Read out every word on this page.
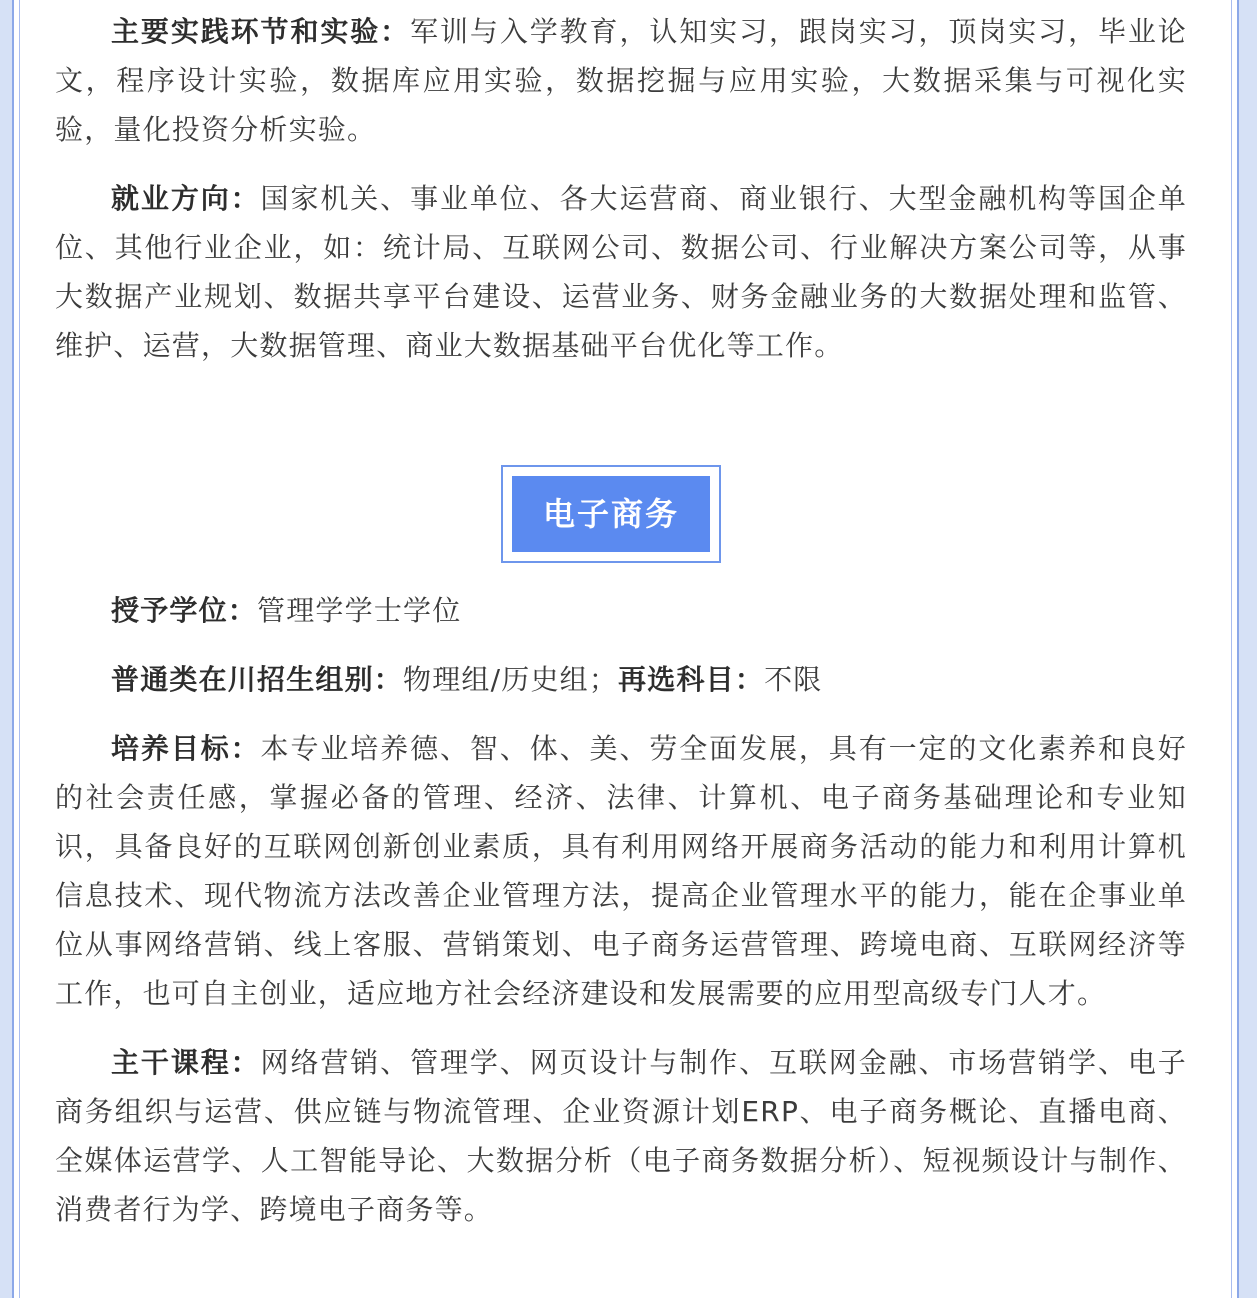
主要实践环节和实验：军训与入学教育，认知实习，跟岗实习，顶岗实习，毕业论文，程序设计实验，数据库应用实验，数据挖掘与应用实验，大数据采集与可视化实验，量化投资分析实验。

就业方向：国家机关、事业单位、各大运营商、商业银行、大型金融机构等国企单位、其他行业企业，如：统计局、互联网公司、数据公司、行业解决方案公司等，从事大数据产业规划、数据共享平台建设、运营业务、财务金融业务的大数据处理和监管、维护、运营，大数据管理、商业大数据基础平台优化等工作。

电子商务

授予学位：管理学学士学位

普通类在川招生组别：物理组/历史组；再选科目：不限

培养目标：本专业培养德、智、体、美、劳全面发展，具有一定的文化素养和良好的社会责任感，掌握必备的管理、经济、法律、计算机、电子商务基础理论和专业知识，具备良好的互联网创新创业素质，具有利用网络开展商务活动的能力和利用计算机信息技术、现代物流方法改善企业管理方法，提高企业管理水平的能力，能在企事业单位从事网络营销、线上客服、营销策划、电子商务运营管理、跨境电商、互联网经济等工作，也可自主创业，适应地方社会经济建设和发展需要的应用型高级专门人才。

主干课程：网络营销、管理学、网页设计与制作、互联网金融、市场营销学、电子商务组织与运营、供应链与物流管理、企业资源计划ERP、电子商务概论、直播电商、全媒体运营学、人工智能导论、大数据分析（电子商务数据分析）、短视频设计与制作、消费者行为学、跨境电子商务等。
